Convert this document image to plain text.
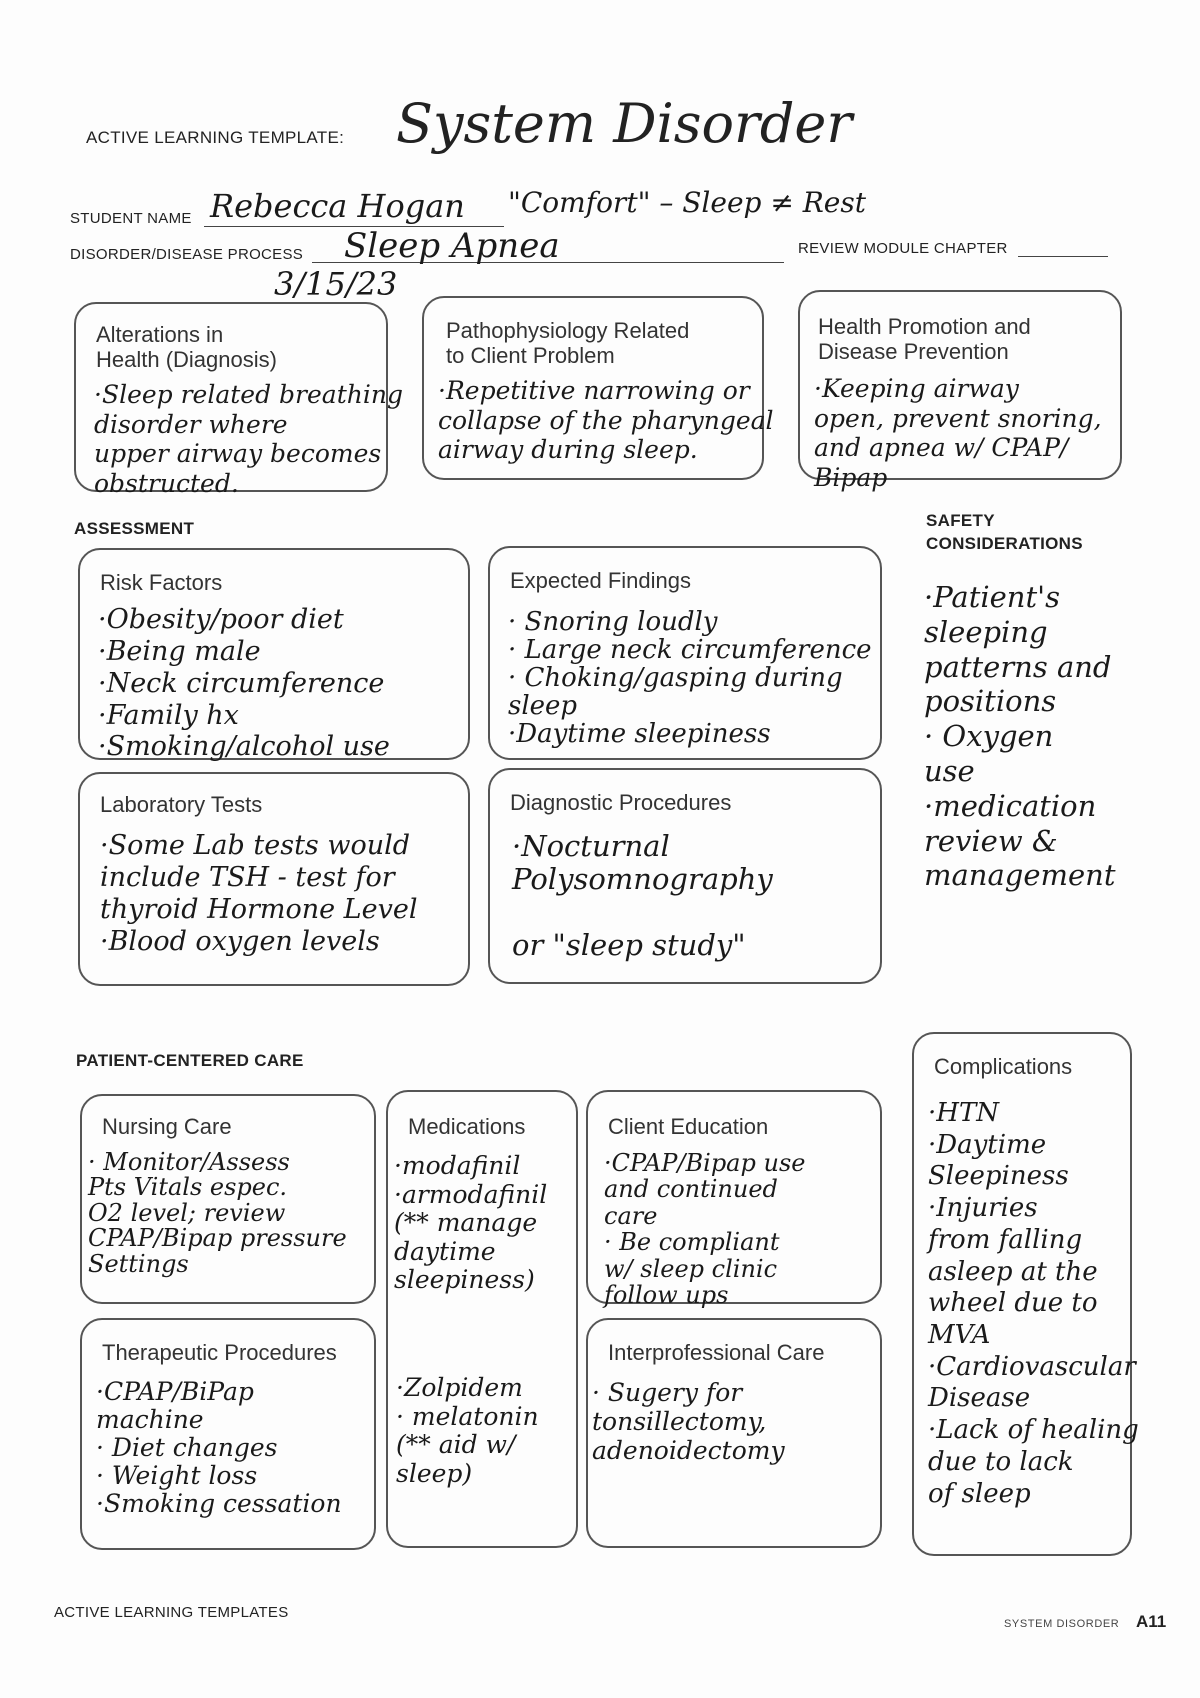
ACTIVE LEARNING TEMPLATE: System Disorder
STUDENT NAME Rebecca Hogan "Comfort" – Sleep ≠ Rest
DISORDER/DISEASE PROCESS Sleep Apnea	REVIEW MODULE CHAPTER
3/15/23
Alterations in
Health (Diagnosis)
·Sleep related breathing
disorder where
upper airway becomes
obstructed.
Pathophysiology Related
to Client Problem
·Repetitive narrowing or
collapse of the pharyngeal
airway during sleep.
Health Promotion and
Disease Prevention
·Keeping airway
open, prevent snoring,
and apnea w/ CPAP/
Bipap
ASSESSMENT	SAFETY
CONSIDERATIONS
·Patient's
sleeping
patterns and
positions
· Oxygen
use
·medication
review &
management
Risk Factors
·Obesity/poor diet
·Being male
·Neck circumference
·Family hx
·Smoking/alcohol use
Expected Findings
· Snoring loudly
· Large neck circumference
· Choking/gasping during
sleep
·Daytime sleepiness
Laboratory Tests
·Some Lab tests would
include TSH - test for
thyroid Hormone Level
·Blood oxygen levels
Diagnostic Procedures
·Nocturnal
Polysomnography

or "sleep study"
PATIENT-CENTERED CARE	Complications
·HTN
·Daytime
Sleepiness
·Injuries
from falling
asleep at the
wheel due to
MVA
·Cardiovascular
Disease
·Lack of healing
due to lack
of sleep
Nursing Care
· Monitor/Assess
Pts Vitals espec.
O2 level; review
CPAP/Bipap pressure
Settings
Medications
·modafinil
·armodafinil
(** manage
daytime
sleepiness)
·Zolpidem
· melatonin
(** aid w/
sleep)
Client Education
·CPAP/Bipap use
and continued
care
· Be compliant
w/ sleep clinic
follow ups
Therapeutic Procedures
·CPAP/BiPap
machine
· Diet changes
· Weight loss
·Smoking cessation
Interprofessional Care
· Sugery for
tonsillectomy,
adenoidectomy
ACTIVE LEARNING TEMPLATES
SYSTEM DISORDER A11
